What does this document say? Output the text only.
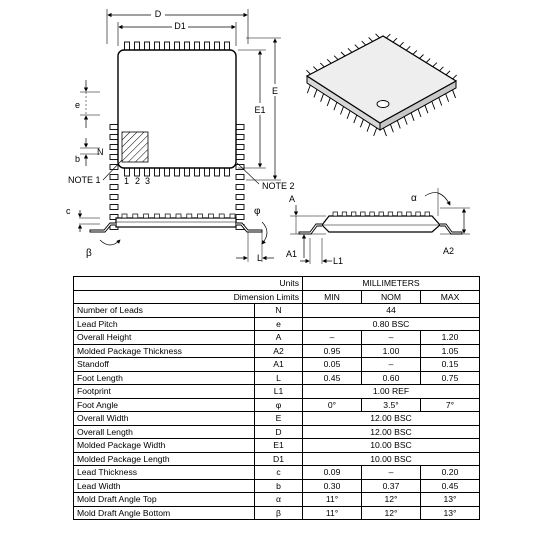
D
D1
E
E1
e
b
N
NOTE 1	1 2 3	NOTE 2
c
β
φ
L
A
A1
L1
α
A2
Units		MILLIMETERS		
Dimension Limits		MIN	NOM	MAX
Number of Leads	N	44		
Lead Pitch	e	0.80 BSC		
Overall Height	A	–	–	1.20
Molded Package Thickness	A2	0.95	1.00	1.05
Standoff	A1	0.05	–	0.15
Foot Length	L	0.45	0.60	0.75
Footprint	L1	1.00 REF		
Foot Angle	φ	0°	3.5°	7°
Overall Width	E	12.00 BSC		
Overall Length	D	12.00 BSC		
Molded Package Width	E1	10.00 BSC		
Molded Package Length	D1	10.00 BSC		
Lead Thickness	c	0.09	–	0.20
Lead Width	b	0.30	0.37	0.45
Mold Draft Angle Top	α	11°	12°	13°
Mold Draft Angle Bottom	β	11°	12°	13°
